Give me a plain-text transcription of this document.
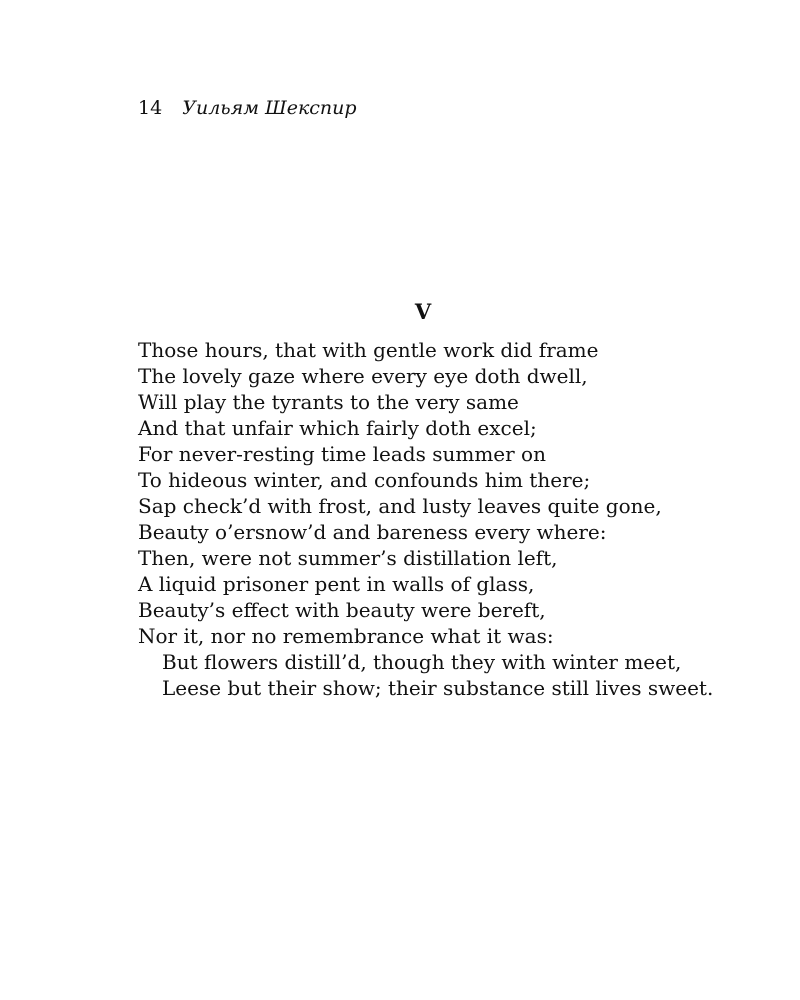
14 Уильям Шекспир
V
Those hours, that with gentle work did frame
The lovely gaze where every eye doth dwell,
Will play the tyrants to the very same
And that unfair which fairly doth excel;
For never-resting time leads summer on
To hideous winter, and confounds him there;
Sap check’d with frost, and lusty leaves quite gone,
Beauty o’ersnow’d and bareness every where:
Then, were not summer’s distillation left,
A liquid prisoner pent in walls of glass,
Beauty’s effect with beauty were bereft,
Nor it, nor no remembrance what it was:
But flowers distill’d, though they with winter meet,
Leese but their show; their substance still lives sweet.
